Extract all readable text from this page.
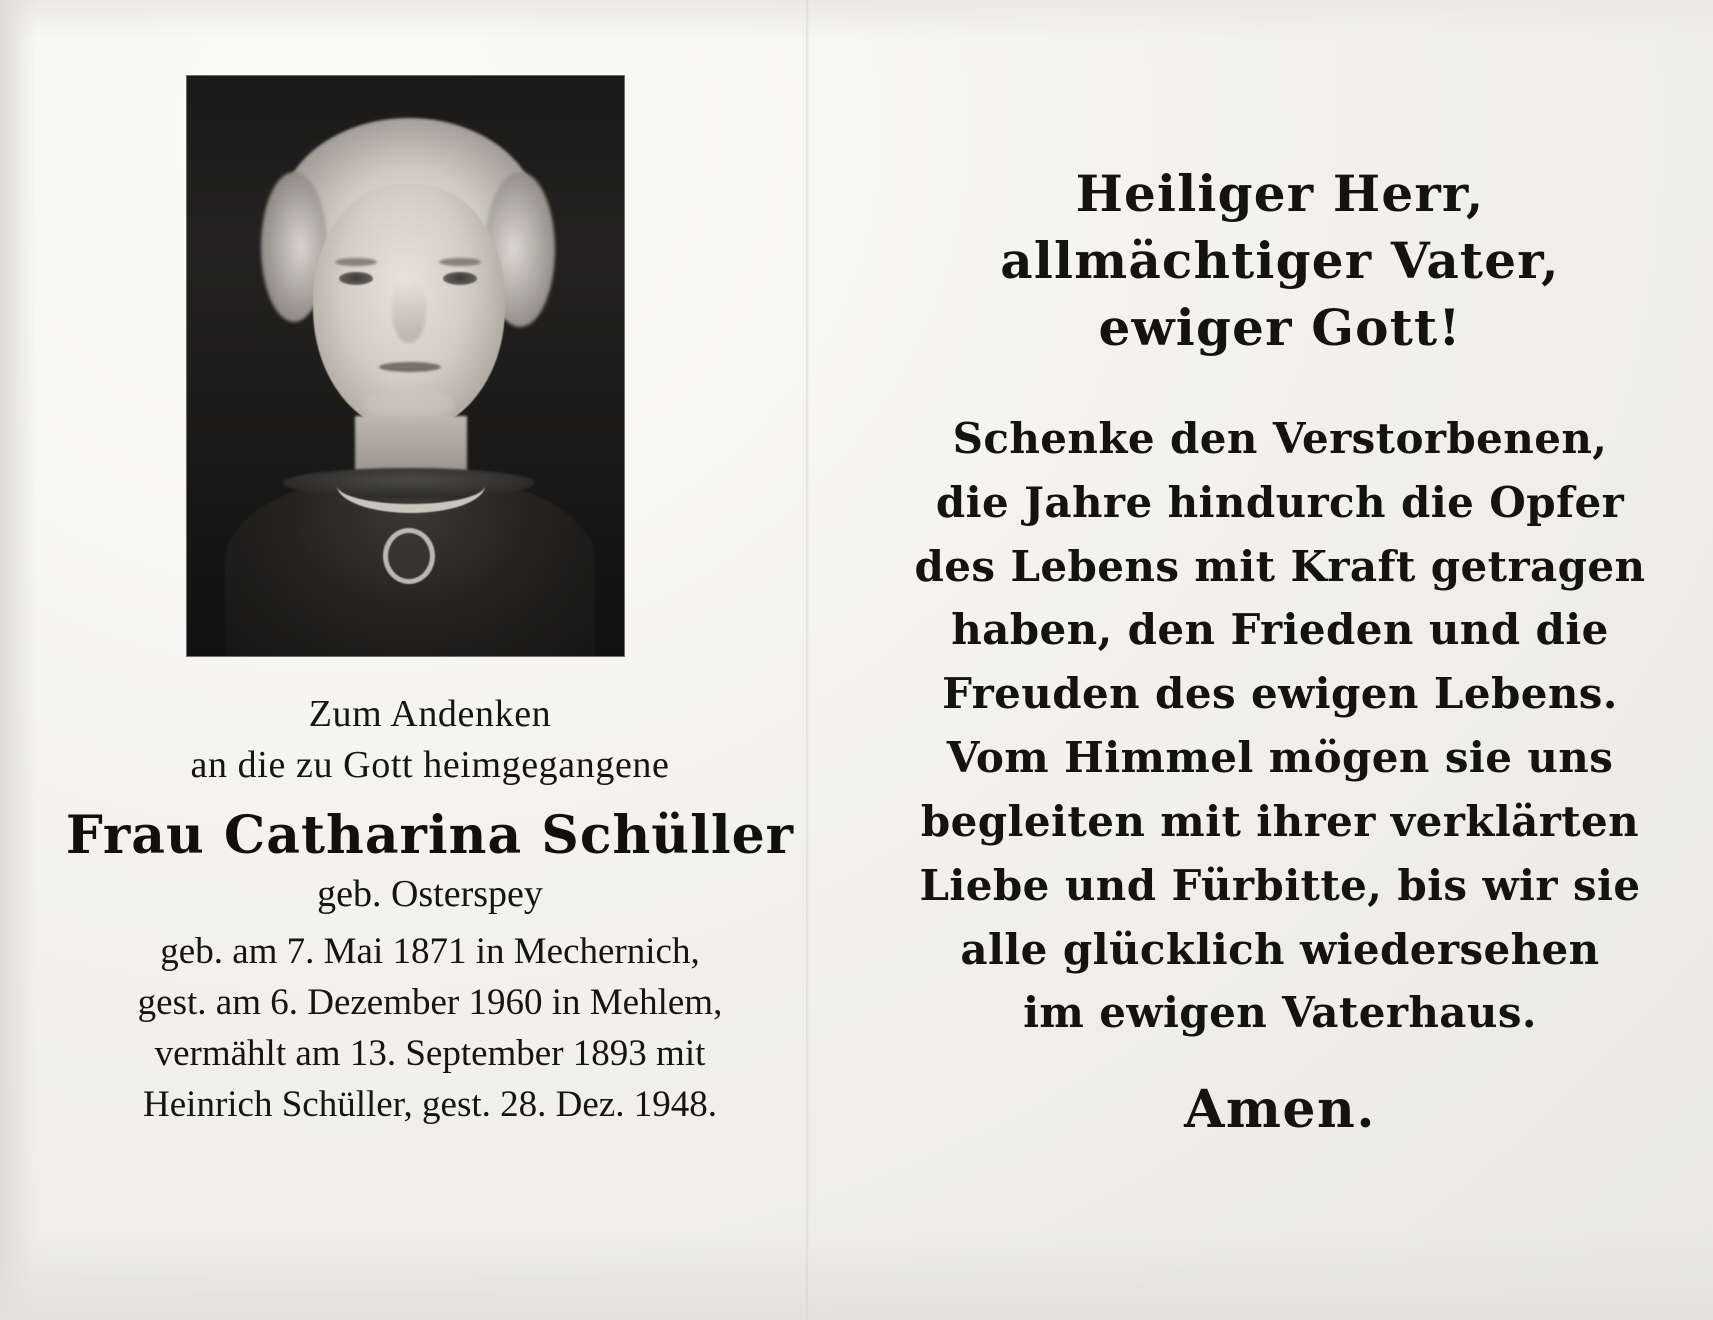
Zum Andenken
an die zu Gott heimgegangene
Frau Catharina Schüller
geb. Osterspey
geb. am 7. Mai 1871 in Mechernich,
gest. am 6. Dezember 1960 in Mehlem,
vermählt am 13. September 1893 mit
Heinrich Schüller, gest. 28. Dez. 1948.
Heiliger Herr,
allmächtiger Vater,
ewiger Gott!
Schenke den Verstorbenen,
die Jahre hindurch die Opfer
des Lebens mit Kraft getragen
haben, den Frieden und die
Freuden des ewigen Lebens.
Vom Himmel mögen sie uns
begleiten mit ihrer verklärten
Liebe und Fürbitte, bis wir sie
alle glücklich wiedersehen
im ewigen Vaterhaus.
Amen.
